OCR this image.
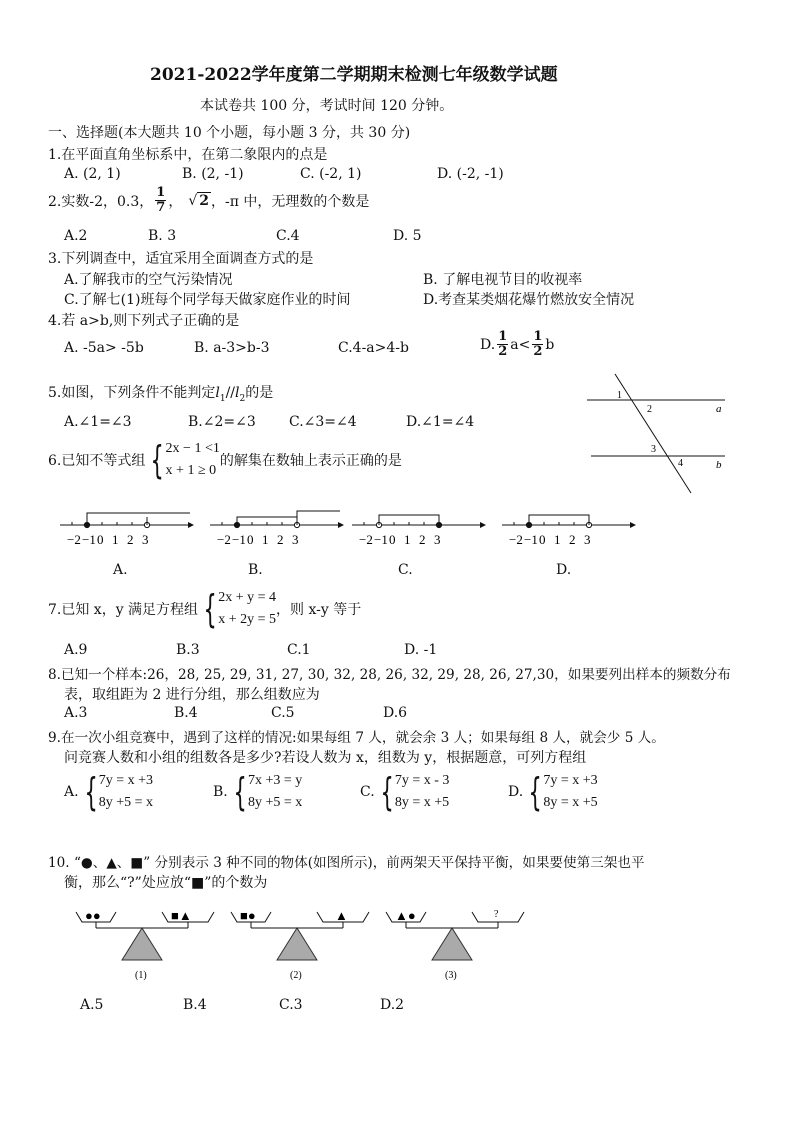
2021-2022学年度第二学期期末检测七年级数学试题
本试卷共 100 分，考试时间 120 分钟。
一、选择题(本大题共 10 个小题，每小题 3 分，共 30 分)
1.在平面直角坐标系中，在第二象限内的点是
A. (2, 1)	B. (2, -1)	C. (-2, 1)	D. (-2, -1)
2.实数-2，0.3， $\frac{1}{7}$ ， √ 2 ，-π 中，无理数的个数是
A.2	B. 3	C.4	D. 5
3.下列调查中，适宜采用全面调查方式的是
A.了解我市的空气污染情况	B. 了解电视节目的收视率
C.了解七(1)班每个同学每天做家庭作业的时间	D.考查某类烟花爆竹燃放安全情况
4.若 a>b,则下列式子正确的是
A. -5a> -5b	B. a-3>b-3	C.4-a>4-b	D. $\frac{1}{2} a< \frac{1}{2}$ b
5.如图，下列条件不能判定$l_1//l_2$的是
A.∠1=∠3	B.∠2=∠3 C.∠3=∠4	D.∠1=∠4
1
2
3
4
a
b
6.已知不等式组 { 2x − 1 <1
x + 1 ≥ 0
的解集在数轴上表示正确的是
−2 −1 0 1 2 3	−2 −1 0 1 2 3	−2 −1 0 1 2 3	−2 −1 0 1 2 3
A.	B.	C.	D.
7.已知 x，y 满足方程组 { 2x + y = 4
x + 2y = 5
，则 x-y 等于
A.9	B.3	C.1	D. -1
8.已知一个样本:26，28, 25, 29, 31, 27, 30, 32, 28, 26, 32, 29, 28, 26, 27,30，如果要列出样本的频数分布
表，取组距为 2 进行分组，那么组数应为
A.3	B.4	C.5	D.6
9.在一次小组竞赛中，遇到了这样的情况:如果每组 7 人，就会余 3 人；如果每组 8 人，就会少 5 人。
问竞赛人数和小组的组数各是多少?若设人数为 x，组数为 y，根据题意，可列方程组
A. { 7y = x +3
8y +5 = x
B. { 7x +3 = y
8y +5 = x
C. { 7y = x - 3
8y = x +5
D. { 7y = x +3
8y = x +5
10. “●、▲、■” 分别表示 3 种不同的物体(如图所示)，前两架天平保持平衡，如果要使第三架也平
衡，那么“?”处应放“■”的个数为
●●	■▲
(1)
■●	▲
(2)
▲●	?
(3)
A.5	B.4	C.3	D.2
